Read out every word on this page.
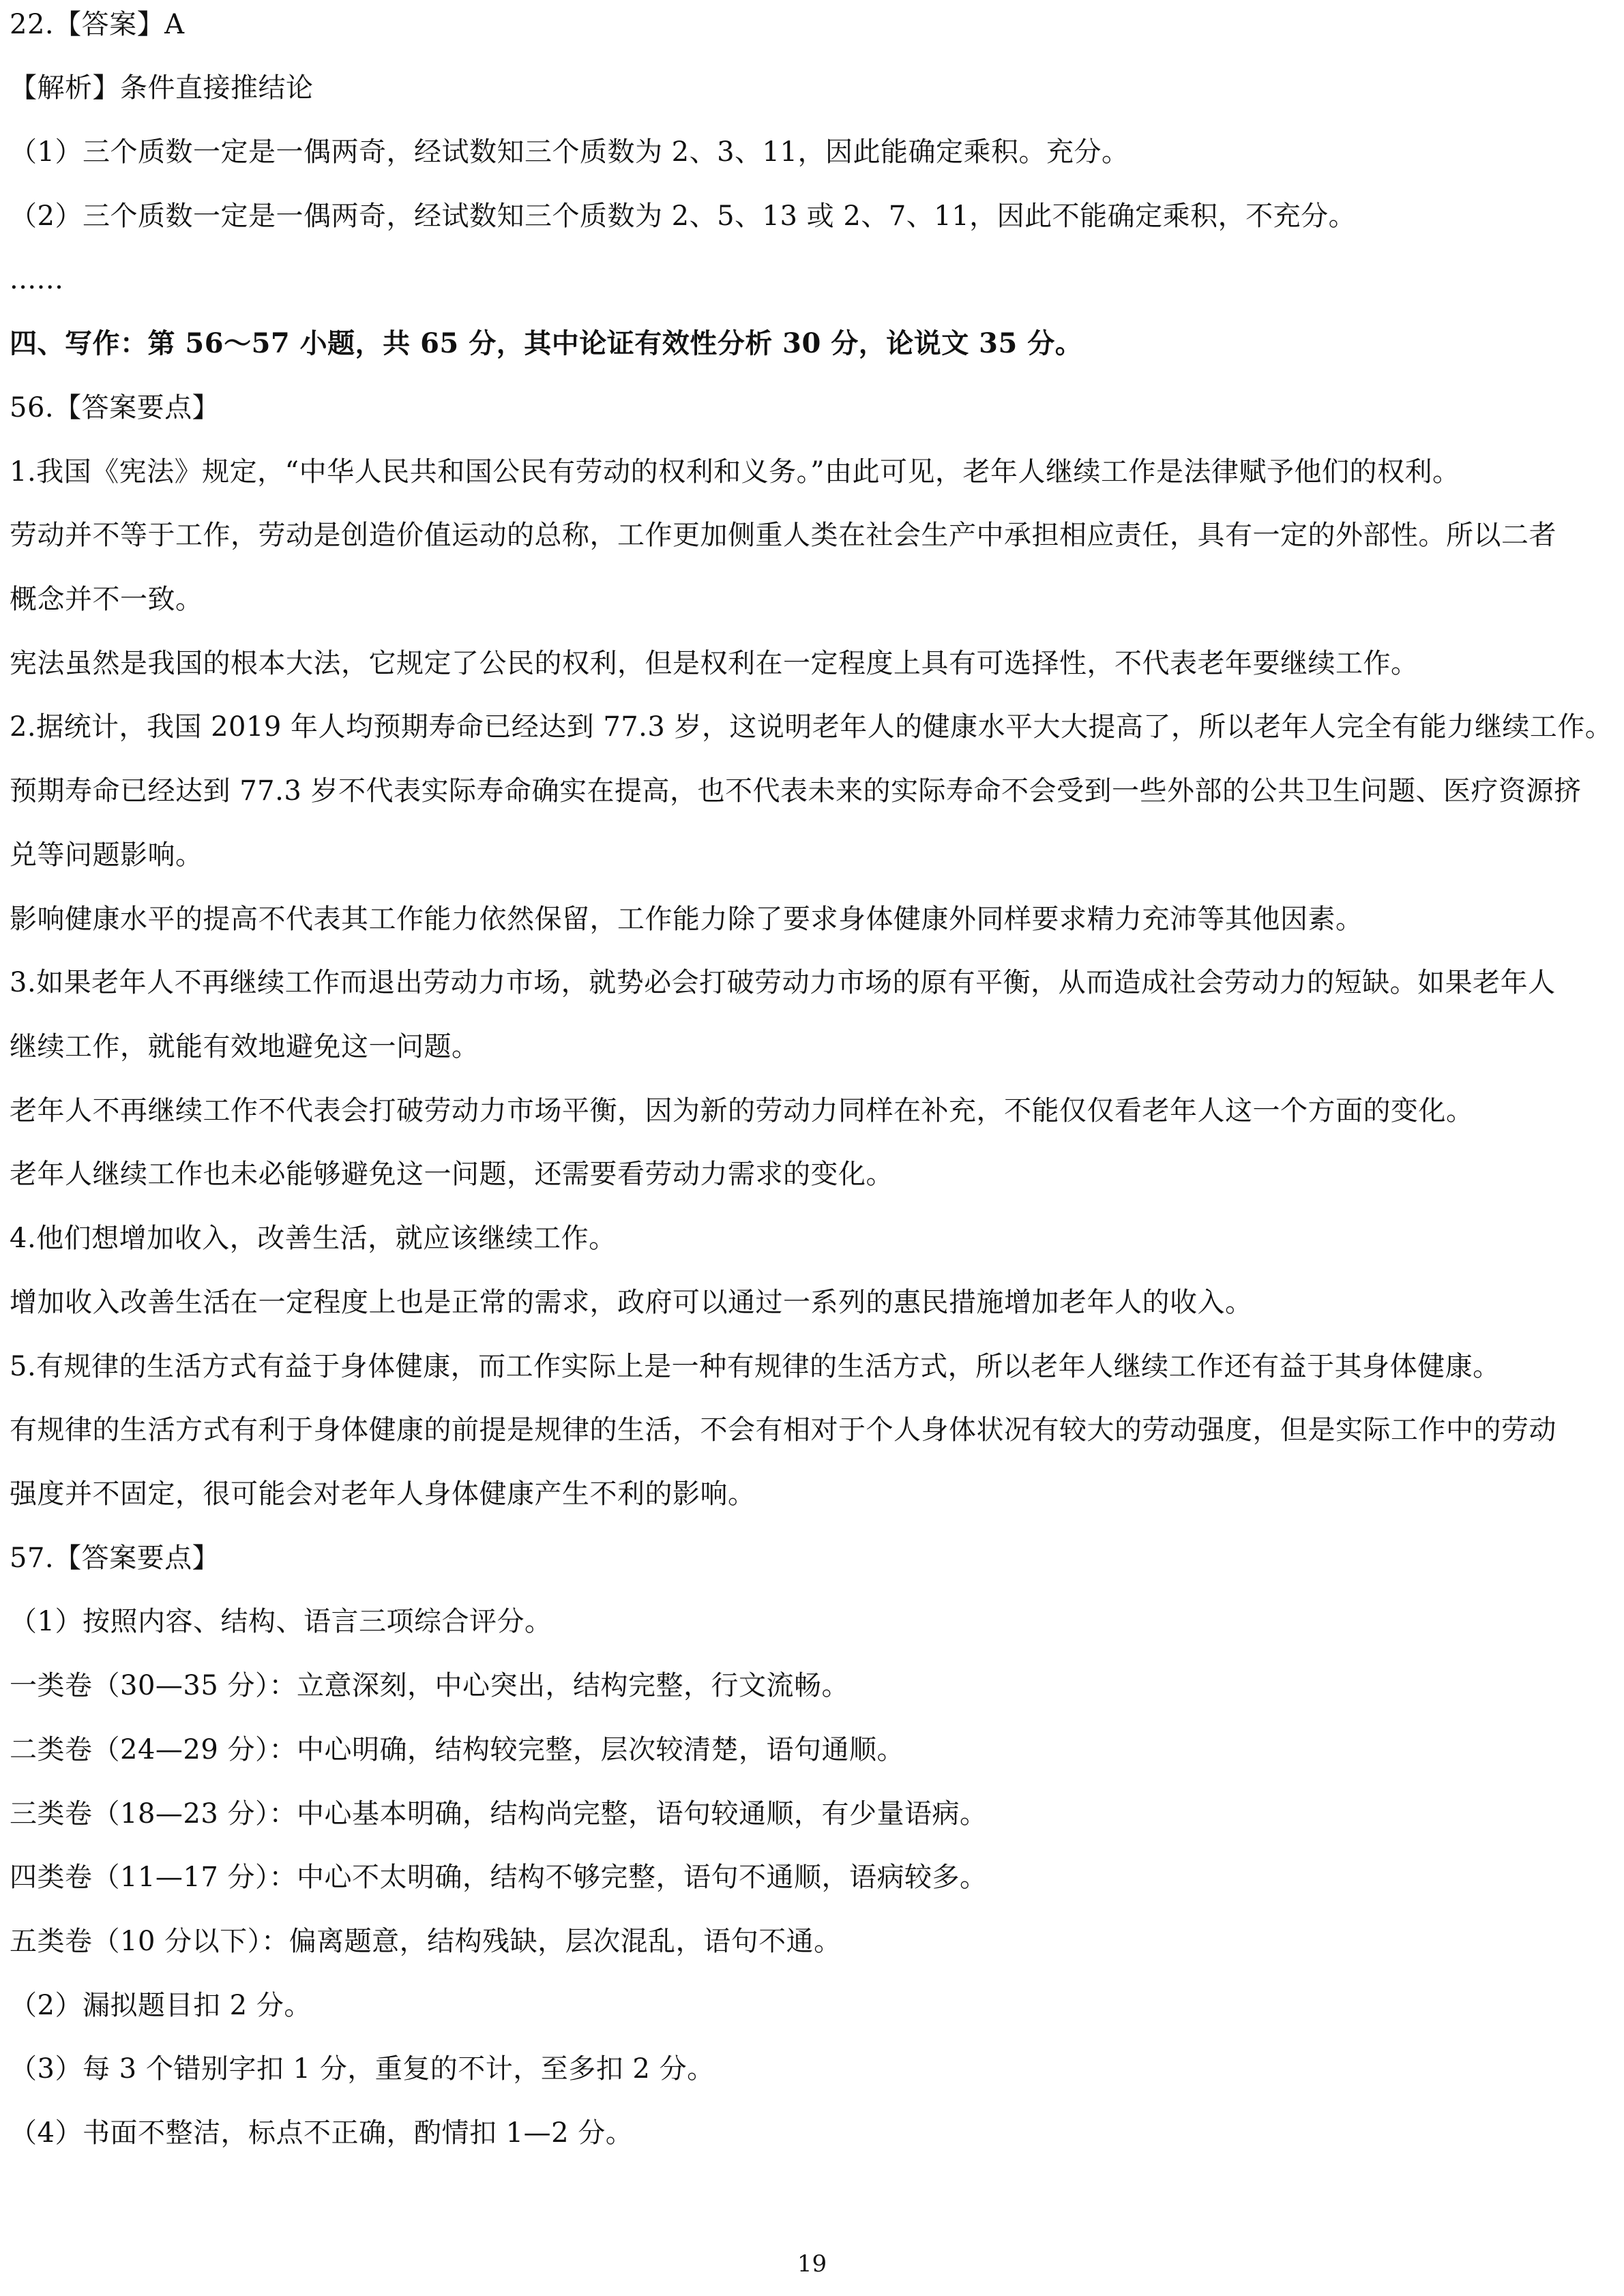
22.【答案】A
【解析】条件直接推结论
（1）三个质数一定是一偶两奇，经试数知三个质数为 2、3、11，因此能确定乘积。充分。
（2）三个质数一定是一偶两奇，经试数知三个质数为 2、5、13 或 2、7、11，因此不能确定乘积，不充分。
......
四、写作：第 56～57 小题，共 65 分，其中论证有效性分析 30 分，论说文 35 分。
56.【答案要点】
1.我国《宪法》规定，“中华人民共和国公民有劳动的权利和义务。”由此可见，老年人继续工作是法律赋予他们的权利。
劳动并不等于工作，劳动是创造价值运动的总称，工作更加侧重人类在社会生产中承担相应责任，具有一定的外部性。所以二者
概念并不一致。
宪法虽然是我国的根本大法，它规定了公民的权利，但是权利在一定程度上具有可选择性，不代表老年要继续工作。
2.据统计，我国 2019 年人均预期寿命已经达到 77.3 岁，这说明老年人的健康水平大大提高了，所以老年人完全有能力继续工作。
预期寿命已经达到 77.3 岁不代表实际寿命确实在提高，也不代表未来的实际寿命不会受到一些外部的公共卫生问题、医疗资源挤
兑等问题影响。
影响健康水平的提高不代表其工作能力依然保留，工作能力除了要求身体健康外同样要求精力充沛等其他因素。
3.如果老年人不再继续工作而退出劳动力市场，就势必会打破劳动力市场的原有平衡，从而造成社会劳动力的短缺。如果老年人
继续工作，就能有效地避免这一问题。
老年人不再继续工作不代表会打破劳动力市场平衡，因为新的劳动力同样在补充，不能仅仅看老年人这一个方面的变化。
老年人继续工作也未必能够避免这一问题，还需要看劳动力需求的变化。
4.他们想增加收入，改善生活，就应该继续工作。
增加收入改善生活在一定程度上也是正常的需求，政府可以通过一系列的惠民措施增加老年人的收入。
5.有规律的生活方式有益于身体健康，而工作实际上是一种有规律的生活方式，所以老年人继续工作还有益于其身体健康。
有规律的生活方式有利于身体健康的前提是规律的生活，不会有相对于个人身体状况有较大的劳动强度，但是实际工作中的劳动
强度并不固定，很可能会对老年人身体健康产生不利的影响。
57.【答案要点】
（1）按照内容、结构、语言三项综合评分。
一类卷（30—35 分）：立意深刻，中心突出，结构完整，行文流畅。
二类卷（24—29 分）：中心明确，结构较完整，层次较清楚，语句通顺。
三类卷（18—23 分）：中心基本明确，结构尚完整，语句较通顺，有少量语病。
四类卷（11—17 分）：中心不太明确，结构不够完整，语句不通顺，语病较多。
五类卷（10 分以下）：偏离题意，结构残缺，层次混乱，语句不通。
（2）漏拟题目扣 2 分。
（3）每 3 个错别字扣 1 分，重复的不计，至多扣 2 分。
（4）书面不整洁，标点不正确，酌情扣 1—2 分。
19
